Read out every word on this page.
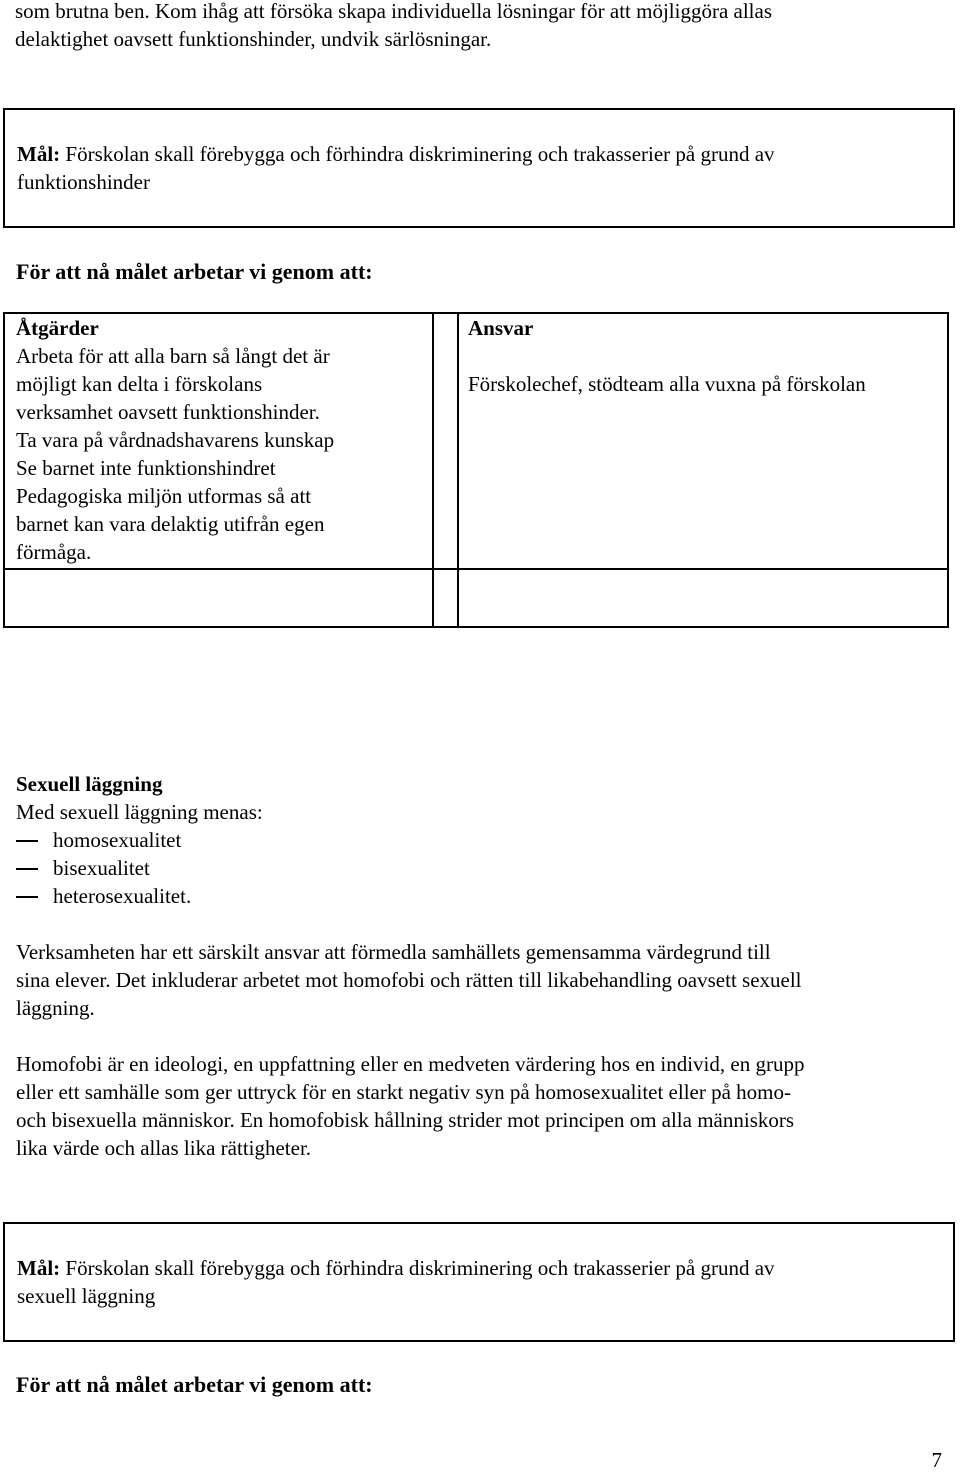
som brutna ben. Kom ihåg att försöka skapa individuella lösningar för att möjliggöra allas

delaktighet oavsett funktionshinder, undvik särlösningar.

Mål: Förskolan skall förebygga och förhindra diskriminering och trakasserier på grund av

funktionshinder

För att nå målet arbetar vi genom att:

Åtgärder

Arbeta för att alla barn så långt det är

möjligt kan delta i förskolans

verksamhet oavsett funktionshinder.

Ta vara på vårdnadshavarens kunskap

Se barnet inte funktionshindret

Pedagogiska miljön utformas så att

barnet kan vara delaktig utifrån egen

förmåga.

Ansvar

Förskolechef, stödteam alla vuxna på förskolan

Sexuell läggning

Med sexuell läggning menas:

homosexualitet
bisexualitet
heterosexualitet.

Verksamheten har ett särskilt ansvar att förmedla samhällets gemensamma värdegrund till

sina elever. Det inkluderar arbetet mot homofobi och rätten till likabehandling oavsett sexuell

läggning.

Homofobi är en ideologi, en uppfattning eller en medveten värdering hos en individ, en grupp

eller ett samhälle som ger uttryck för en starkt negativ syn på homosexualitet eller på homo-

och bisexuella människor. En homofobisk hållning strider mot principen om alla människors

lika värde och allas lika rättigheter.

Mål: Förskolan skall förebygga och förhindra diskriminering och trakasserier på grund av

sexuell läggning

För att nå målet arbetar vi genom att:
7
